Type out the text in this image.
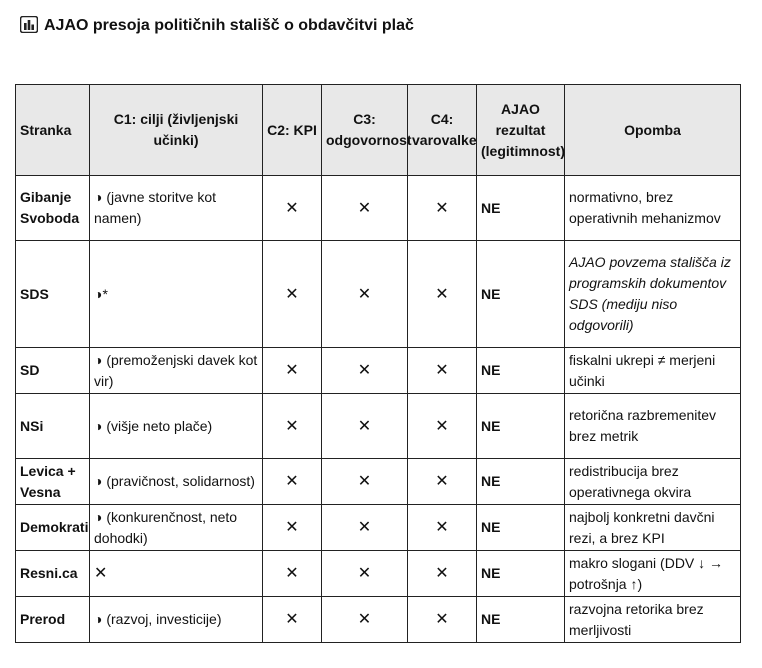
AJAO presoja političnih stališč o obdavčitvi plač
Stranka	C1: cilji (življenjski učinki)	C2: KPI	C3: odgovornost	C4: varovalke	AJAO rezultat (legitimnost)	Opomba
Gibanje Svoboda	◑ (javne storitve kot namen)	✕	✕	✕	NE	normativno, brez operativnih mehanizmov
SDS	◑*	✕	✕	✕	NE	AJAO povzema stališča iz programskih dokumentov SDS (mediju niso odgovorili)
SD	◑ (premoženjski davek kot vir)	✕	✕	✕	NE	fiskalni ukrepi ≠ merjeni učinki
NSi	◑ (višje neto plače)	✕	✕	✕	NE	retorična razbremenitev brez metrik
Levica + Vesna	◑ (pravičnost, solidarnost)	✕	✕	✕	NE	redistribucija brez operativnega okvira
Demokrati	◑ (konkurenčnost, neto dohodki)	✕	✕	✕	NE	najbolj konkretni davčni rezi, a brez KPI
Resni.ca	✕	✕	✕	✕	NE	makro slogani (DDV ↓ → potrošnja ↑)
Prerod	◑ (razvoj, investicije)	✕	✕	✕	NE	razvojna retorika brez merljivosti
